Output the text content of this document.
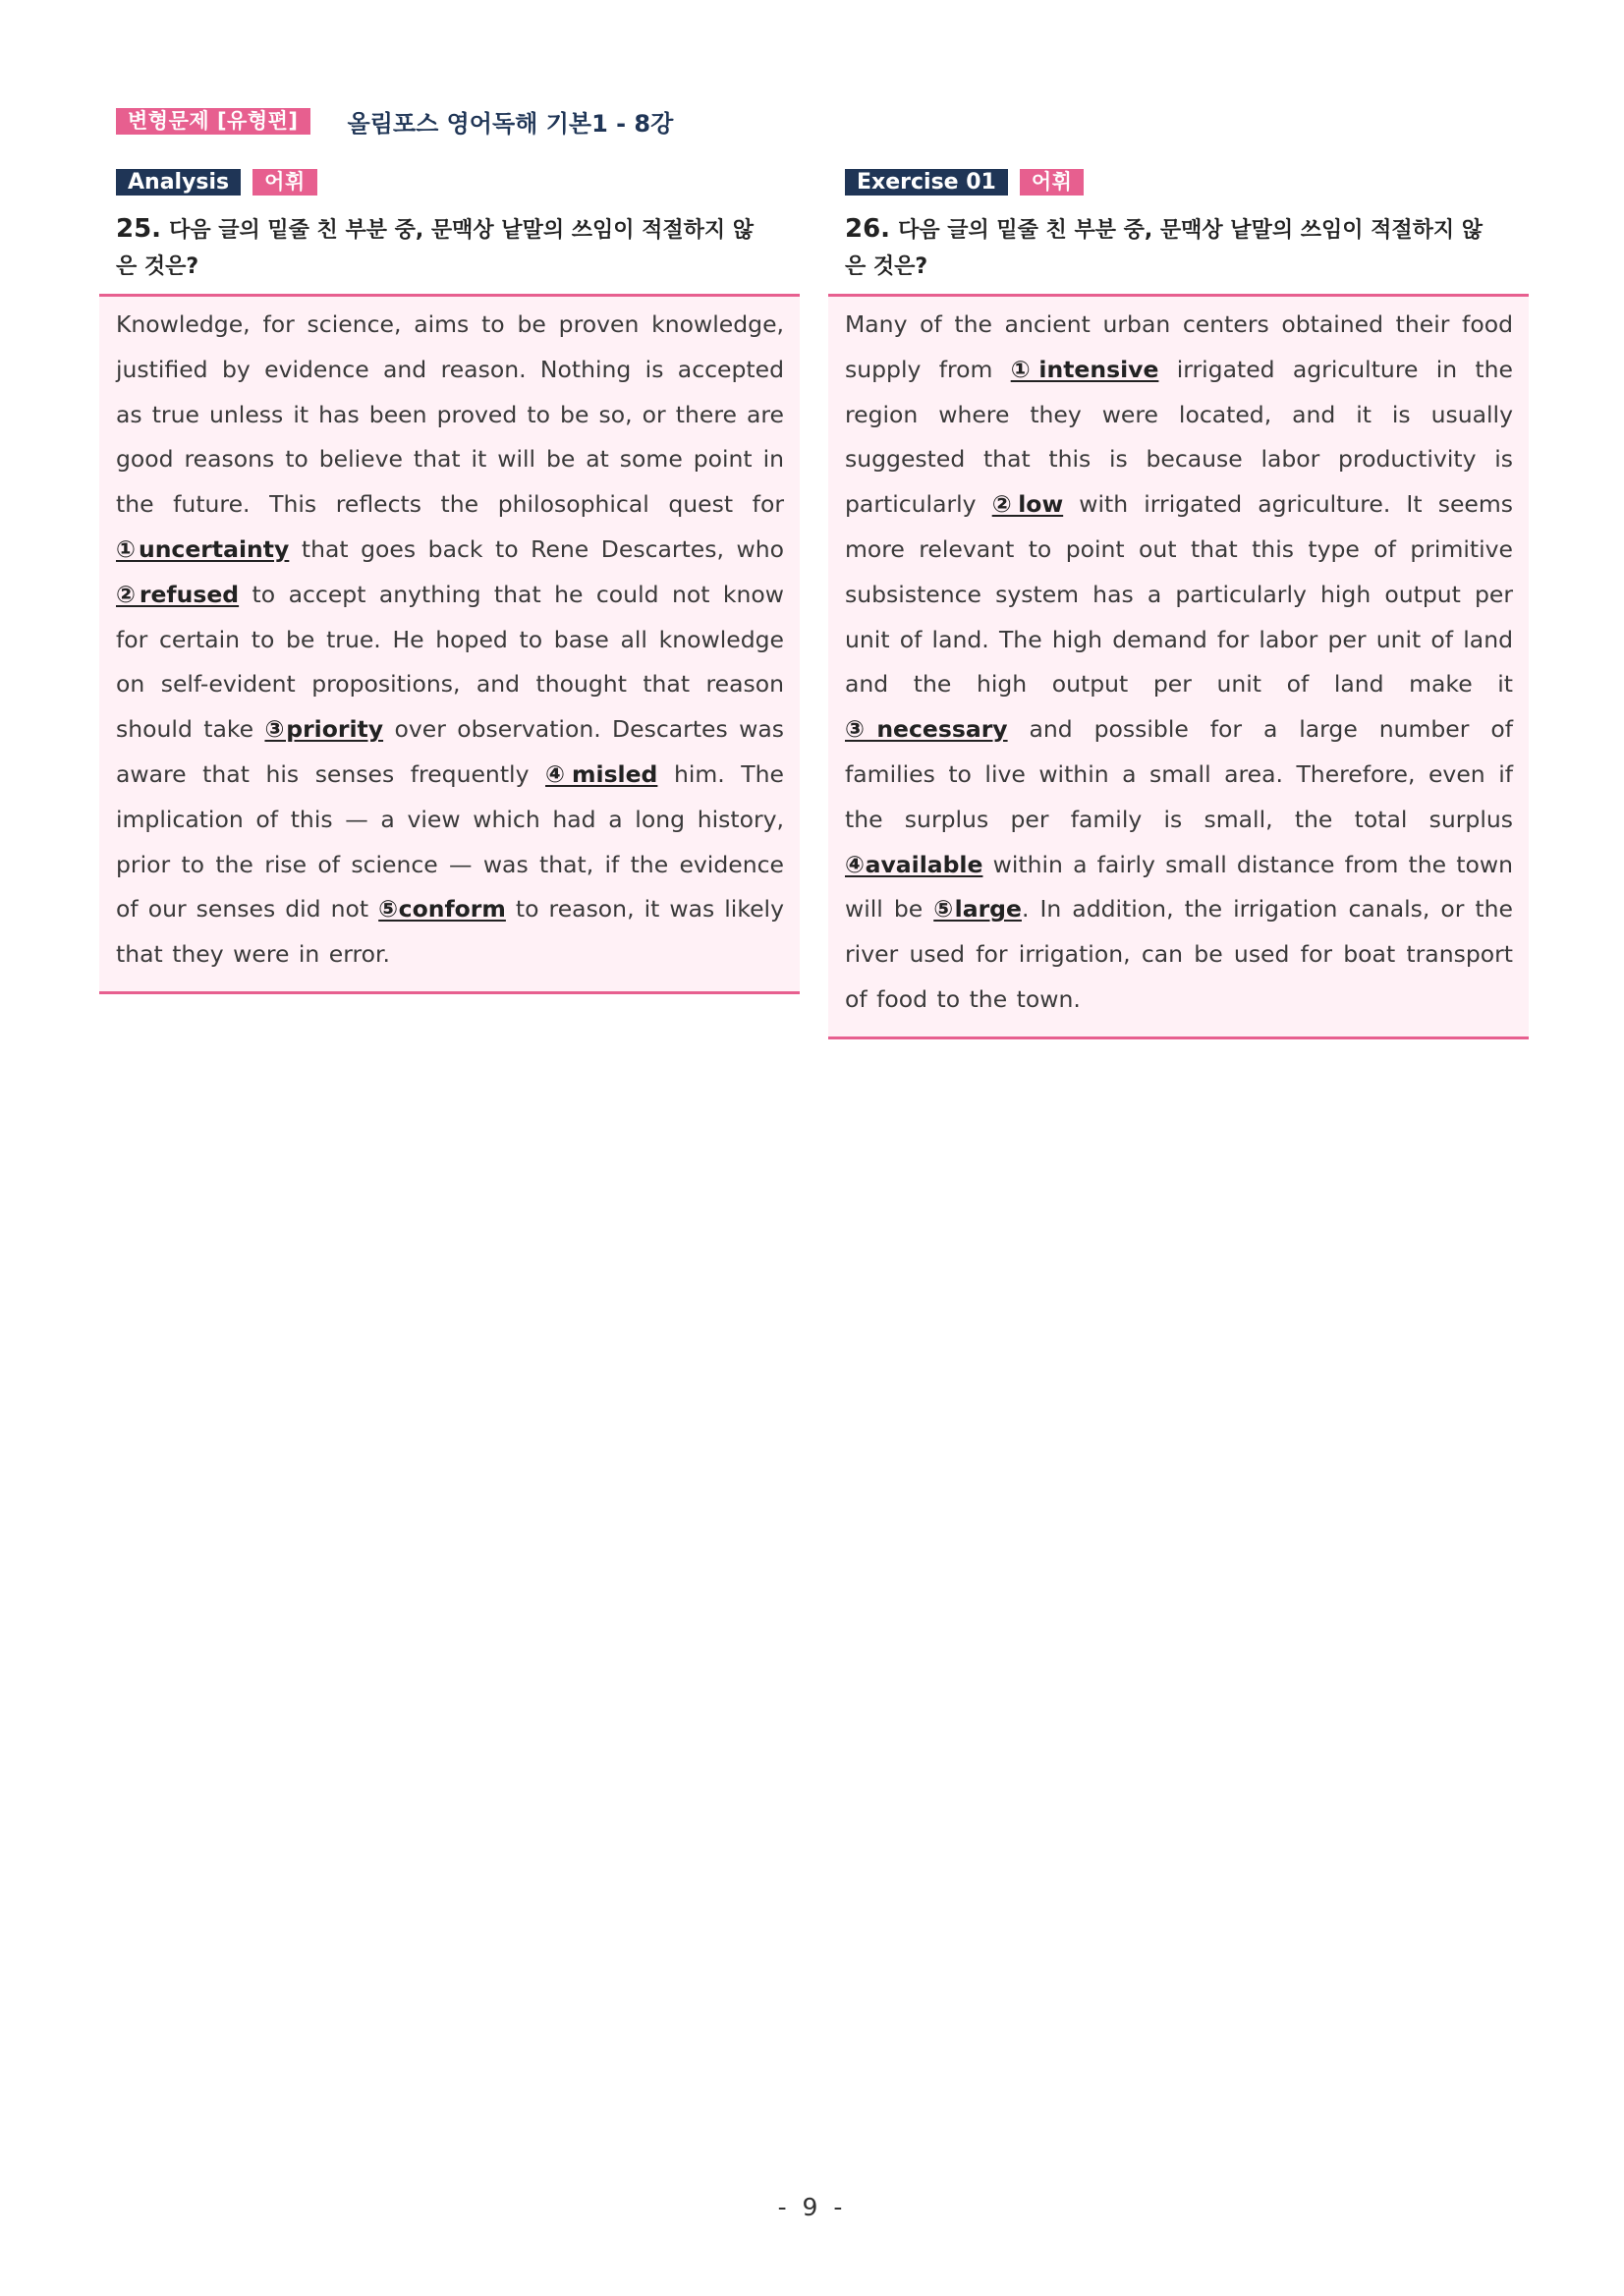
변형문제 [유형편]	올림포스 영어독해 기본1 - 8강
Analysis	어휘
25. 다음 글의 밑줄 친 부분 중, 문맥상 낱말의 쓰임이 적절하지 않은 것은?

Knowledge, for science, aims to be proven knowledge, justified by evidence and reason. Nothing is accepted as true unless it has been proved to be so, or there are good reasons to believe that it will be at some point in the future. This reflects the philosophical quest for ①uncertainty that goes back to Rene Descartes, who ②refused to accept anything that he could not know for certain to be true. He hoped to base all knowledge on self-evident propositions, and thought that reason should take ③priority over observation. Descartes was aware that his senses frequently ④misled him. The implication of this — a view which had a long history, prior to the rise of science — was that, if the evidence of our senses did not ⑤conform to reason, it was likely that they were in error.

Exercise 01	어휘
26. 다음 글의 밑줄 친 부분 중, 문맥상 낱말의 쓰임이 적절하지 않은 것은?

Many of the ancient urban centers obtained their food supply from ①intensive irrigated agriculture in the region where they were located, and it is usually suggested that this is because labor productivity is particularly ②low with irrigated agriculture. It seems more relevant to point out that this type of primitive subsistence system has a particularly high output per unit of land. The high demand for labor per unit of land and the high output per unit of land make it ③necessary and possible for a large number of families to live within a small area. Therefore, even if the surplus per family is small, the total surplus ④available within a fairly small distance from the town will be ⑤large. In addition, the irrigation canals, or the river used for irrigation, can be used for boat transport of food to the town.

- 9 -
